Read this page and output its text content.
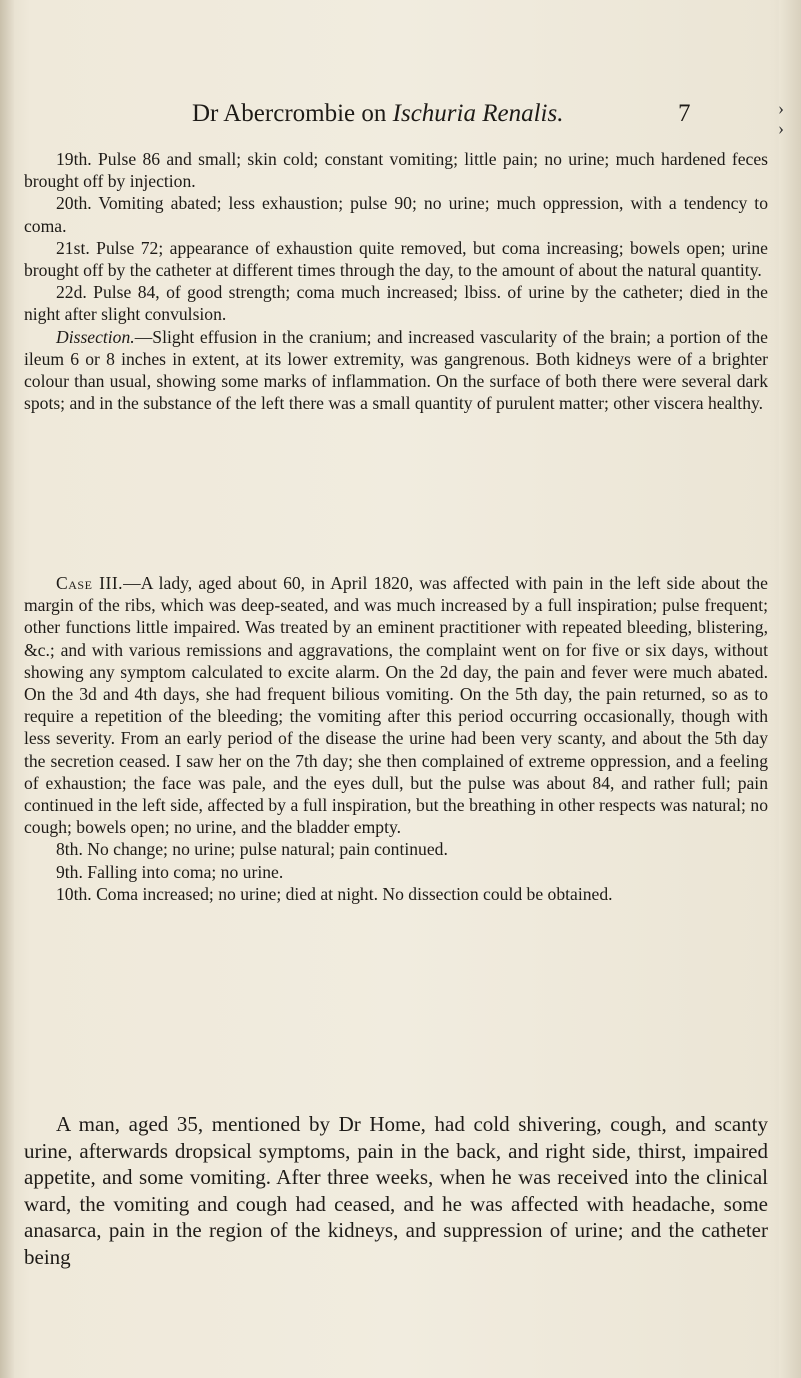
›
›
Dr Abercrombie on Ischuria Renalis.	7

19th. Pulse 86 and small; skin cold; constant vomiting; little pain; no urine; much hardened feces brought off by injection.

20th. Vomiting abated; less exhaustion; pulse 90; no urine; much oppression, with a tendency to coma.

21st. Pulse 72; appearance of exhaustion quite removed, but coma increasing; bowels open; urine brought off by the catheter at different times through the day, to the amount of about the natural quantity.

22d. Pulse 84, of good strength; coma much increased; lbiss. of urine by the catheter; died in the night after slight convulsion.

Dissection.—Slight effusion in the cranium; and increased vascularity of the brain; a portion of the ileum 6 or 8 inches in extent, at its lower extremity, was gangrenous. Both kidneys were of a brighter colour than usual, showing some marks of inflammation. On the surface of both there were several dark spots; and in the substance of the left there was a small quantity of purulent matter; other viscera healthy.

Case III.—A lady, aged about 60, in April 1820, was affected with pain in the left side about the margin of the ribs, which was deep-seated, and was much increased by a full inspiration; pulse frequent; other functions little impaired. Was treated by an eminent practitioner with repeated bleeding, blistering, &c.; and with various remissions and aggravations, the complaint went on for five or six days, without showing any symptom calculated to excite alarm. On the 2d day, the pain and fever were much abated. On the 3d and 4th days, she had frequent bilious vomiting. On the 5th day, the pain returned, so as to require a repetition of the bleeding; the vomiting after this period occurring occasionally, though with less severity. From an early period of the disease the urine had been very scanty, and about the 5th day the secretion ceased. I saw her on the 7th day; she then complained of extreme oppression, and a feeling of exhaustion; the face was pale, and the eyes dull, but the pulse was about 84, and rather full; pain continued in the left side, affected by a full inspiration, but the breathing in other respects was natural; no cough; bowels open; no urine, and the bladder empty.

8th. No change; no urine; pulse natural; pain continued.

9th. Falling into coma; no urine.

10th. Coma increased; no urine; died at night. No dissection could be obtained.

A man, aged 35, mentioned by Dr Home, had cold shivering, cough, and scanty urine, afterwards dropsical symptoms, pain in the back, and right side, thirst, impaired appetite, and some vomiting. After three weeks, when he was received into the clinical ward, the vomiting and cough had ceased, and he was affected with headache, some anasarca, pain in the region of the kidneys, and suppression of urine; and the catheter being
